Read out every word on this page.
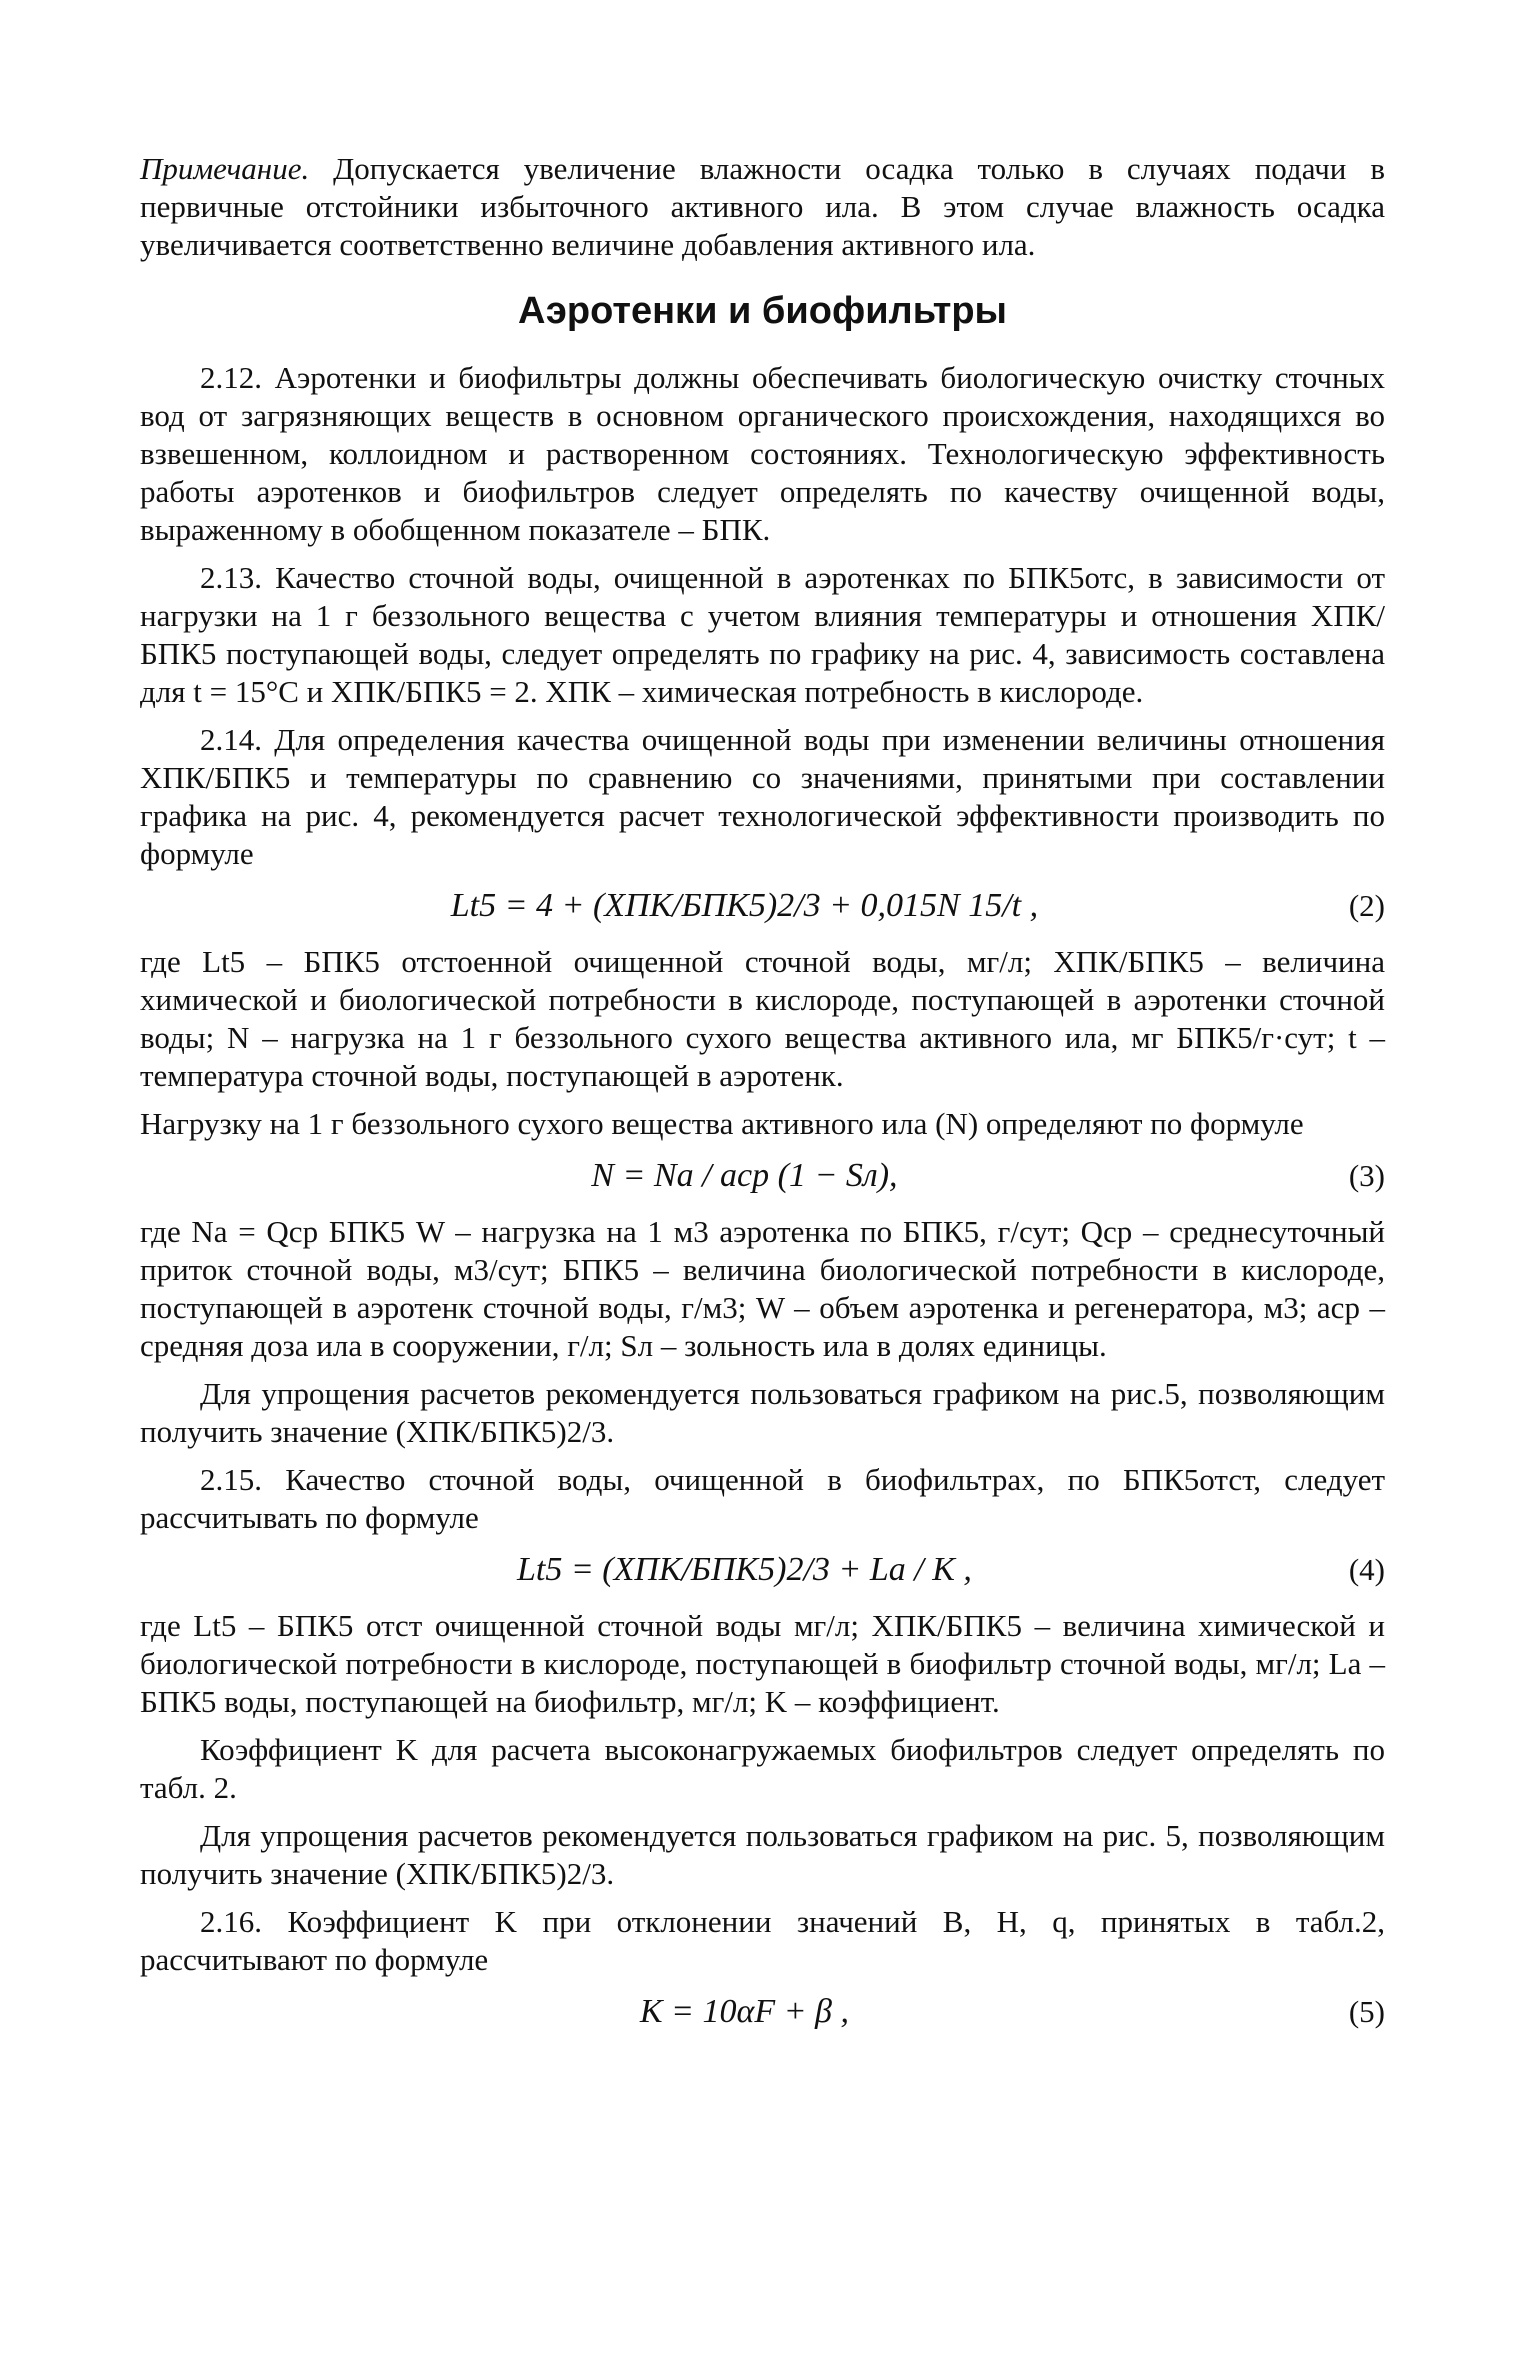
Примечание. Допускается увеличение влажности осадка только в случаях подачи в первичные отстойники избыточного активного ила. В этом случае влажность осадка увеличивается соответственно величине добавления активного ила.

Аэротенки и биофильтры

2.12. Аэротенки и биофильтры должны обеспечивать биологическую очистку сточных вод от загрязняющих веществ в основном органического происхождения, находящихся во взвешенном, коллоидном и растворенном состояниях. Технологическую эффективность работы аэротенков и биофильтров следует определять по качеству очищенной воды, выраженному в обобщенном показателе – БПК.

2.13. Качество сточной воды, очищенной в аэротенках по БПК5отс, в зависимости от нагрузки на 1 г беззольного вещества с учетом влияния температуры и отношения ХПК/БПК5 поступающей воды, следует определять по графику на рис. 4, зависимость составлена для t = 15°С и ХПК/БПК5 = 2. ХПК – химическая потребность в кислороде.

2.14. Для определения качества очищенной воды при изменении величины отношения ХПК/БПК5 и температуры по сравнению со значениями, принятыми при составлении графика на рис. 4, рекомендуется расчет технологической эффективности производить по формуле

Lt5 = 4 + (ХПК/БПК5)2/3 + 0,015N 15/t ,	(2)

где Lt5 – БПК5 отстоенной очищенной сточной воды, мг/л; ХПК/БПК5 – величина химической и биологической потребности в кислороде, поступающей в аэротенки сточной воды; N – нагрузка на 1 г беззольного сухого вещества активного ила, мг БПК5/г·сут; t – температура сточной воды, поступающей в аэротенк.

Нагрузку на 1 г беззольного сухого вещества активного ила (N) определяют по формуле

N = Na / aср (1 − Sл),	(3)

где Na = Qср БПК5 W – нагрузка на 1 м3 аэротенка по БПК5, г/сут; Qср – среднесуточный приток сточной воды, м3/сут; БПК5 – величина биологической потребности в кислороде, поступающей в аэротенк сточной воды, г/м3; W – объем аэротенка и регенератора, м3; aср – средняя доза ила в сооружении, г/л; Sл – зольность ила в долях единицы.

Для упрощения расчетов рекомендуется пользоваться графиком на рис.5, позволяющим получить значение (ХПК/БПК5)2/3.

2.15. Качество сточной воды, очищенной в биофильтрах, по БПК5отст, следует рассчитывать по формуле

Lt5 = (ХПК/БПК5)2/3 + La / K ,	(4)

где Lt5 – БПК5 отст очищенной сточной воды мг/л; ХПК/БПК5 – величина химической и биологической потребности в кислороде, поступающей в биофильтр сточной воды, мг/л; La – БПК5 воды, поступающей на биофильтр, мг/л; K – коэффициент.

Коэффициент K для расчета высоконагружаемых биофильтров следует определять по табл. 2.

Для упрощения расчетов рекомендуется пользоваться графиком на рис. 5, позволяющим получить значение (ХПК/БПК5)2/3.

2.16. Коэффициент K при отклонении значений B, H, q, принятых в табл.2, рассчитывают по формуле

K = 10αF + β ,	(5)
